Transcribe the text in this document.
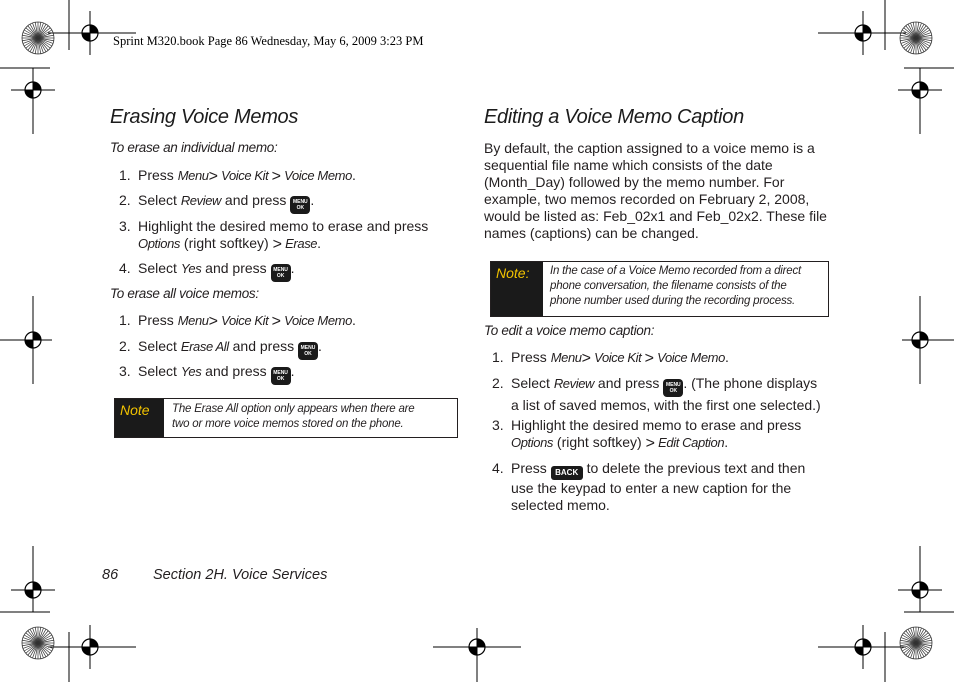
Sprint M320.book Page 86 Wednesday, May 6, 2009 3:23 PM
Erasing Voice Memos
To erase an individual memo:
1. Press Menu> Voice Kit > Voice Memo.
2. Select Review and press MENU
OK .
3. Highlight the desired memo to erase and press
Options (right softkey) > Erase.
4. Select Yes and press MENU
OK .
To erase all voice memos:
1. Press Menu> Voice Kit > Voice Memo.
2. Select Erase All and press MENU
OK .
3. Select Yes and press MENU
OK .
Note	The Erase All option only appears when there are
two or more voice memos stored on the phone.
Editing a Voice Memo Caption
By default, the caption assigned to a voice memo is a
sequential file name which consists of the date
(Month_Day) followed by the memo number. For
example, two memos recorded on February 2, 2008,
would be listed as: Feb_02x1 and Feb_02x2. These file
names (captions) can be changed.
Note:	In the case of a Voice Memo recorded from a direct
phone conversation, the filename consists of the
phone number used during the recording process.
To edit a voice memo caption:
1. Press Menu> Voice Kit > Voice Memo.
2. Select Review and press MENU
OK . (The phone displays
a list of saved memos, with the first one selected.)
3. Highlight the desired memo to erase and press
Options (right softkey) > Edit Caption.
4. Press BACK to delete the previous text and then
use the keypad to enter a new caption for the
selected memo.
86 Section 2H. Voice Services
